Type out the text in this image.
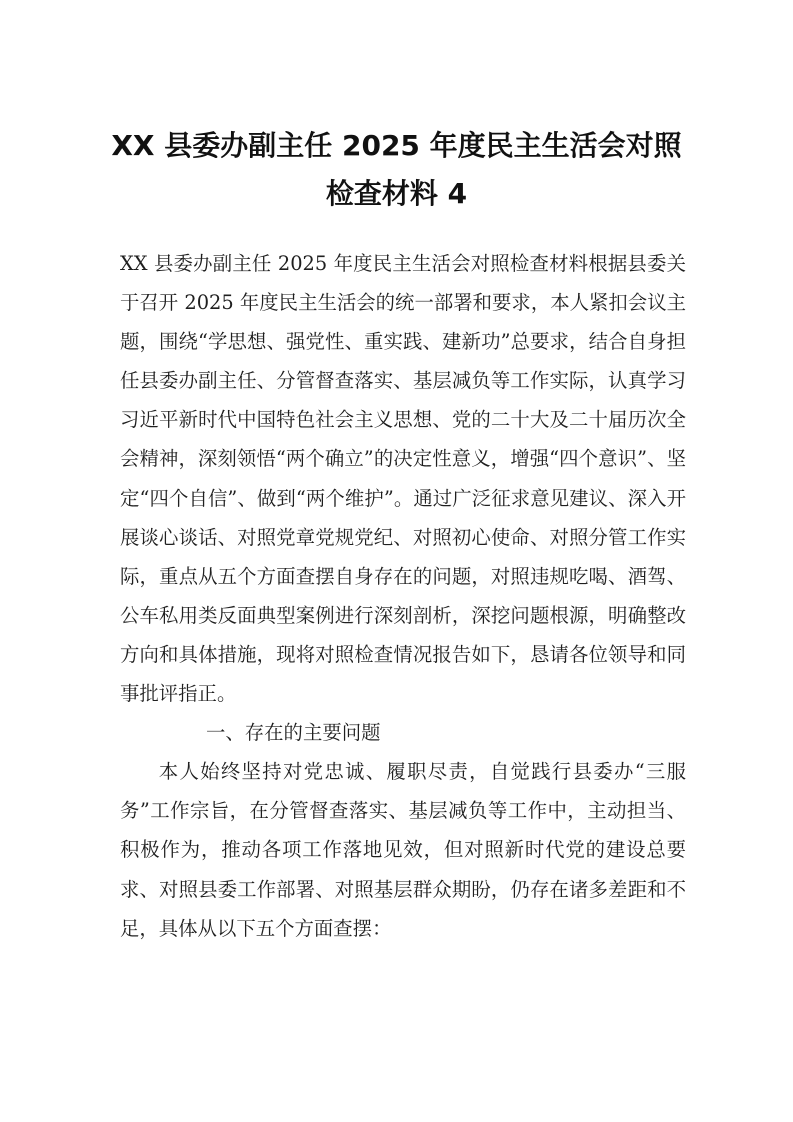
XX 县委办副主任 2025 年度民主生活会对照
检查材料 4

XX 县委办副主任 2025 年度民主生活会对照检查材料根据县委关于召开 2025 年度民主生活会的统一部署和要求，本人紧扣会议主题，围绕“学思想、强党性、重实践、建新功”总要求，结合自身担任县委办副主任、分管督查落实、基层减负等工作实际，认真学习习近平新时代中国特色社会主义思想、党的二十大及二十届历次全会精神，深刻领悟“两个确立”的决定性意义，增强“四个意识”、坚定“四个自信”、做到“两个维护”。通过广泛征求意见建议、深入开展谈心谈话、对照党章党规党纪、对照初心使命、对照分管工作实际，重点从五个方面查摆自身存在的问题，对照违规吃喝、酒驾、公车私用类反面典型案例进行深刻剖析，深挖问题根源，明确整改方向和具体措施，现将对照检查情况报告如下，恳请各位领导和同事批评指正。

一、存在的主要问题

本人始终坚持对党忠诚、履职尽责，自觉践行县委办“三服务”工作宗旨，在分管督查落实、基层减负等工作中，主动担当、积极作为，推动各项工作落地见效，但对照新时代党的建设总要求、对照县委工作部署、对照基层群众期盼，仍存在诸多差距和不足，具体从以下五个方面查摆：
